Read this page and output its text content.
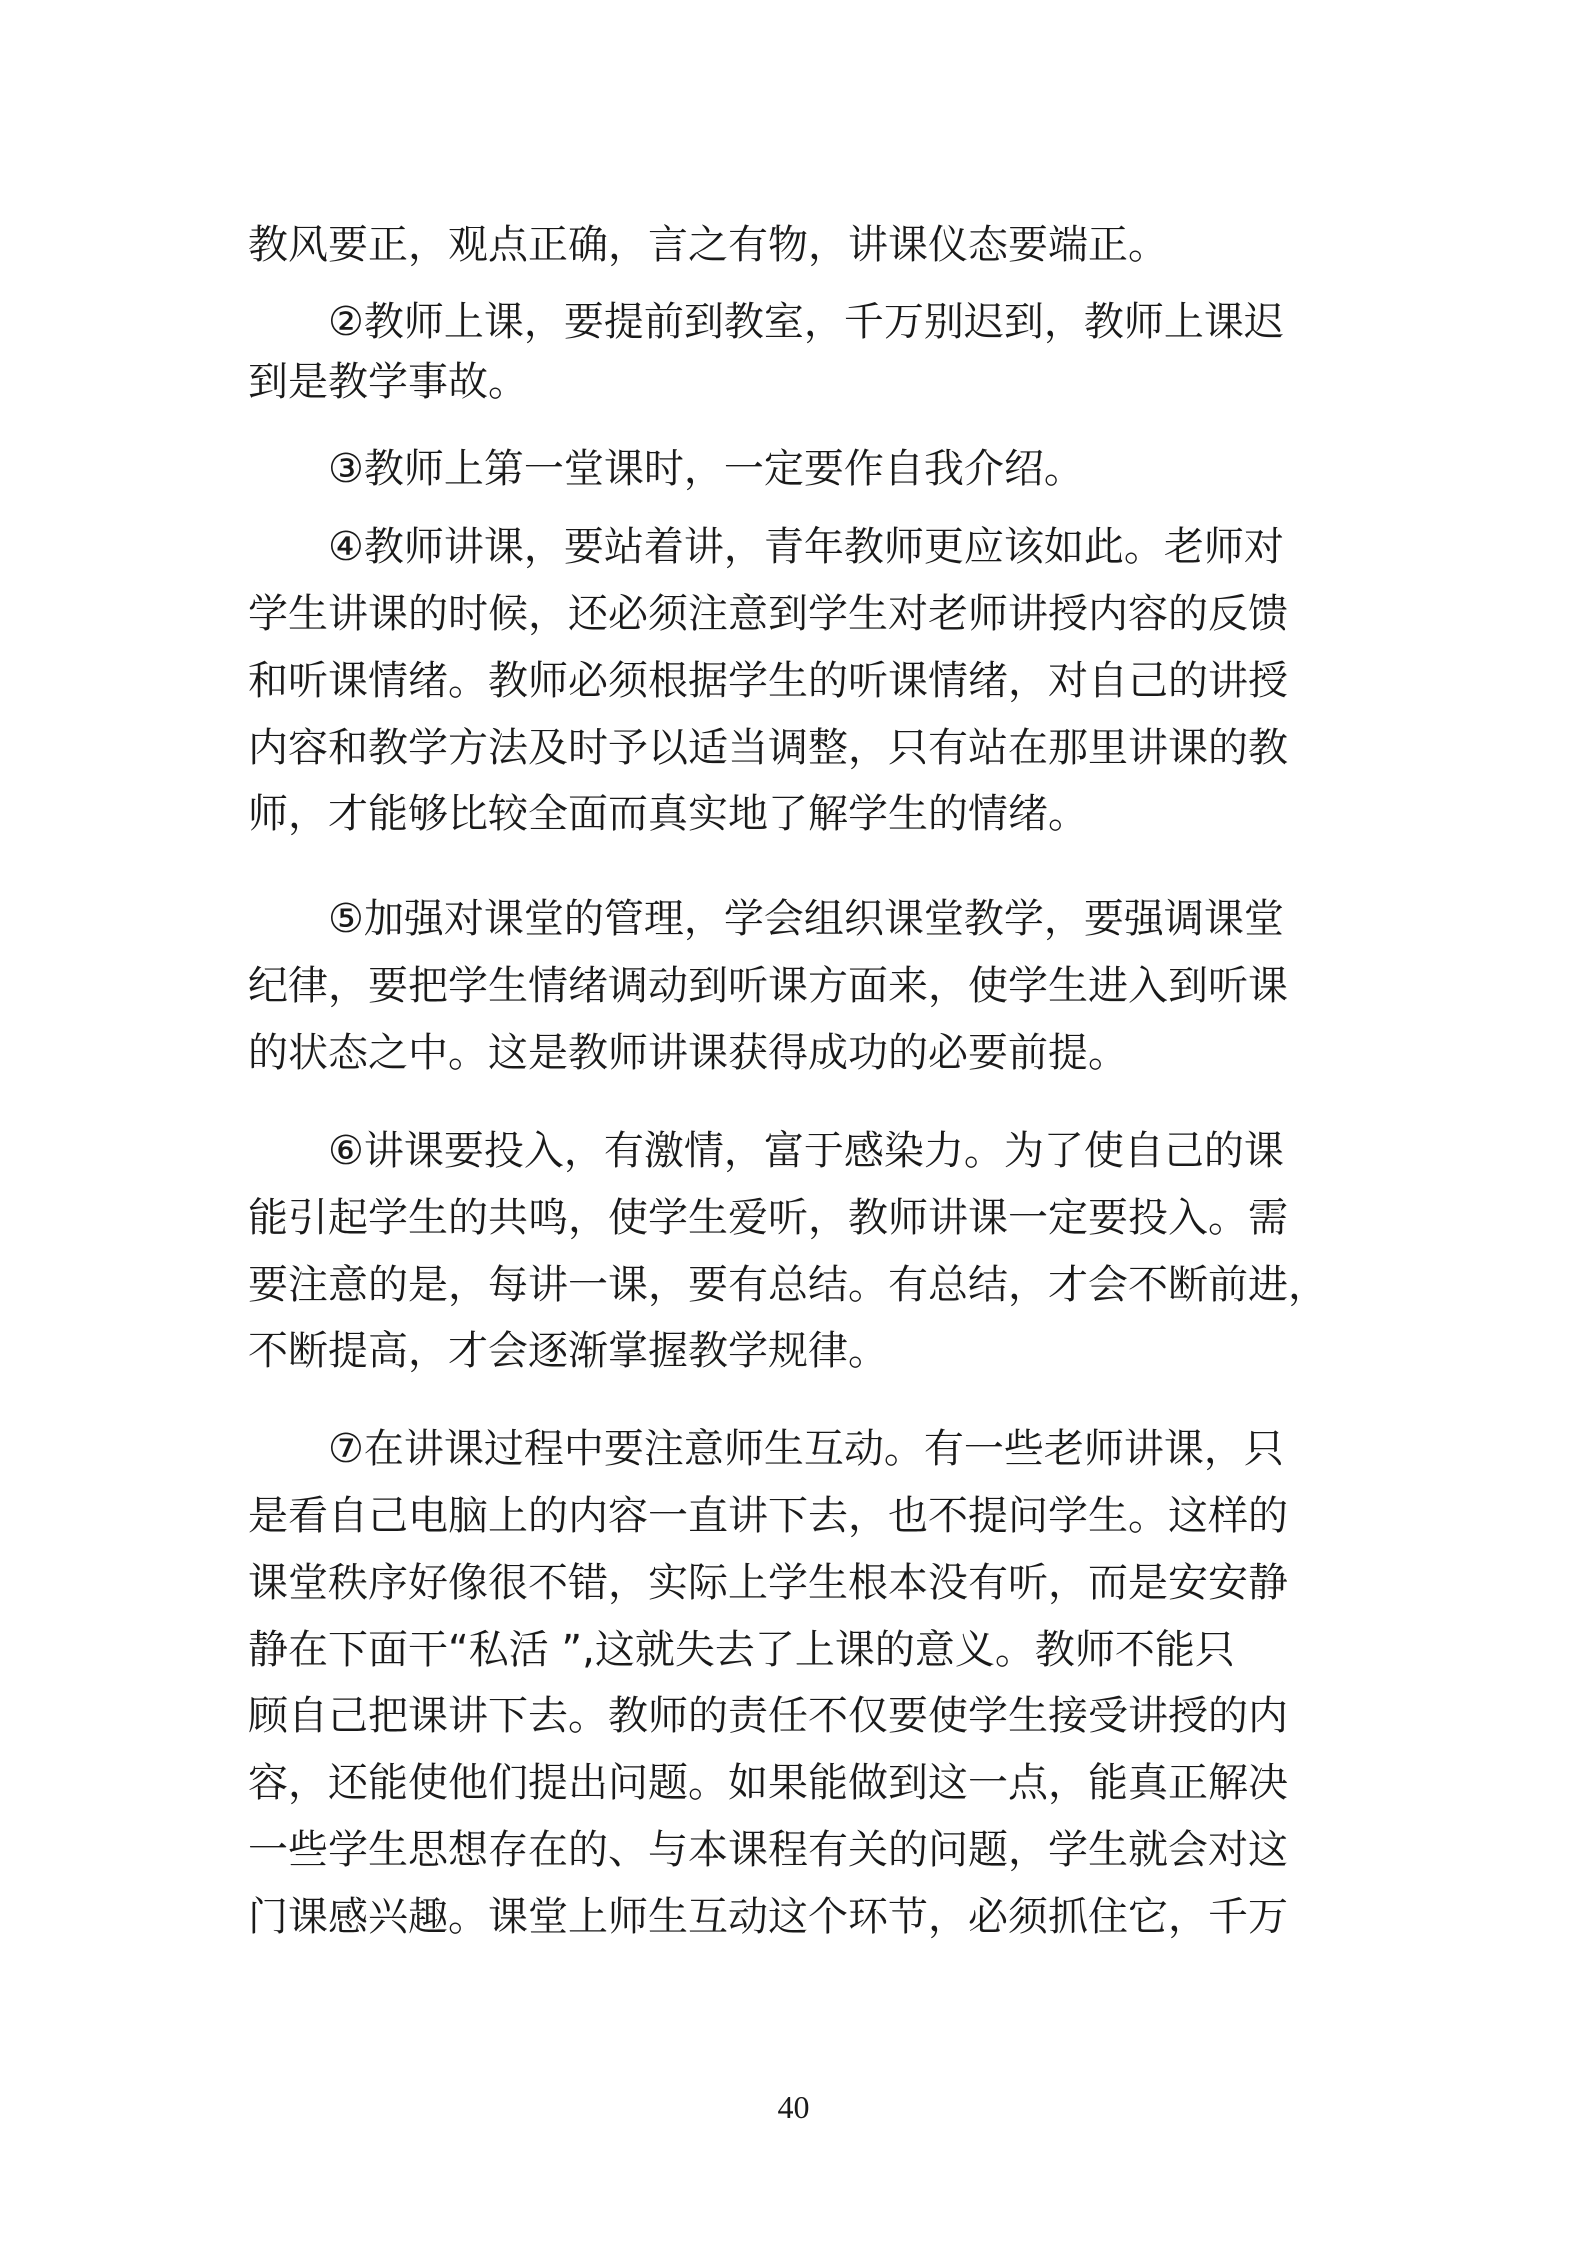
教风要正，观点正确，言之有物，讲课仪态要端正。
②教师上课，要提前到教室，千万别迟到，教师上课迟
到是教学事故。
③教师上第一堂课时，一定要作自我介绍。
④教师讲课，要站着讲，青年教师更应该如此。老师对
学生讲课的时候，还必须注意到学生对老师讲授内容的反馈
和听课情绪。教师必须根据学生的听课情绪，对自己的讲授
内容和教学方法及时予以适当调整，只有站在那里讲课的教
师，才能够比较全面而真实地了解学生的情绪。
⑤加强对课堂的管理，学会组织课堂教学，要强调课堂
纪律，要把学生情绪调动到听课方面来，使学生进入到听课
的状态之中。这是教师讲课获得成功的必要前提。
⑥讲课要投入，有激情，富于感染力。为了使自己的课
能引起学生的共鸣，使学生爱听，教师讲课一定要投入。需
要注意的是，每讲一课，要有总结。有总结，才会不断前进，
不断提高，才会逐渐掌握教学规律。
⑦在讲课过程中要注意师生互动。有一些老师讲课，只
是看自己电脑上的内容一直讲下去，也不提问学生。这样的
课堂秩序好像很不错，实际上学生根本没有听，而是安安静
静在下面干“私活 ”,这就失去了上课的意义。教师不能只
顾自己把课讲下去。教师的责任不仅要使学生接受讲授的内
容，还能使他们提出问题。如果能做到这一点，能真正解决
一些学生思想存在的、与本课程有关的问题，学生就会对这
门课感兴趣。课堂上师生互动这个环节，必须抓住它，千万
40
